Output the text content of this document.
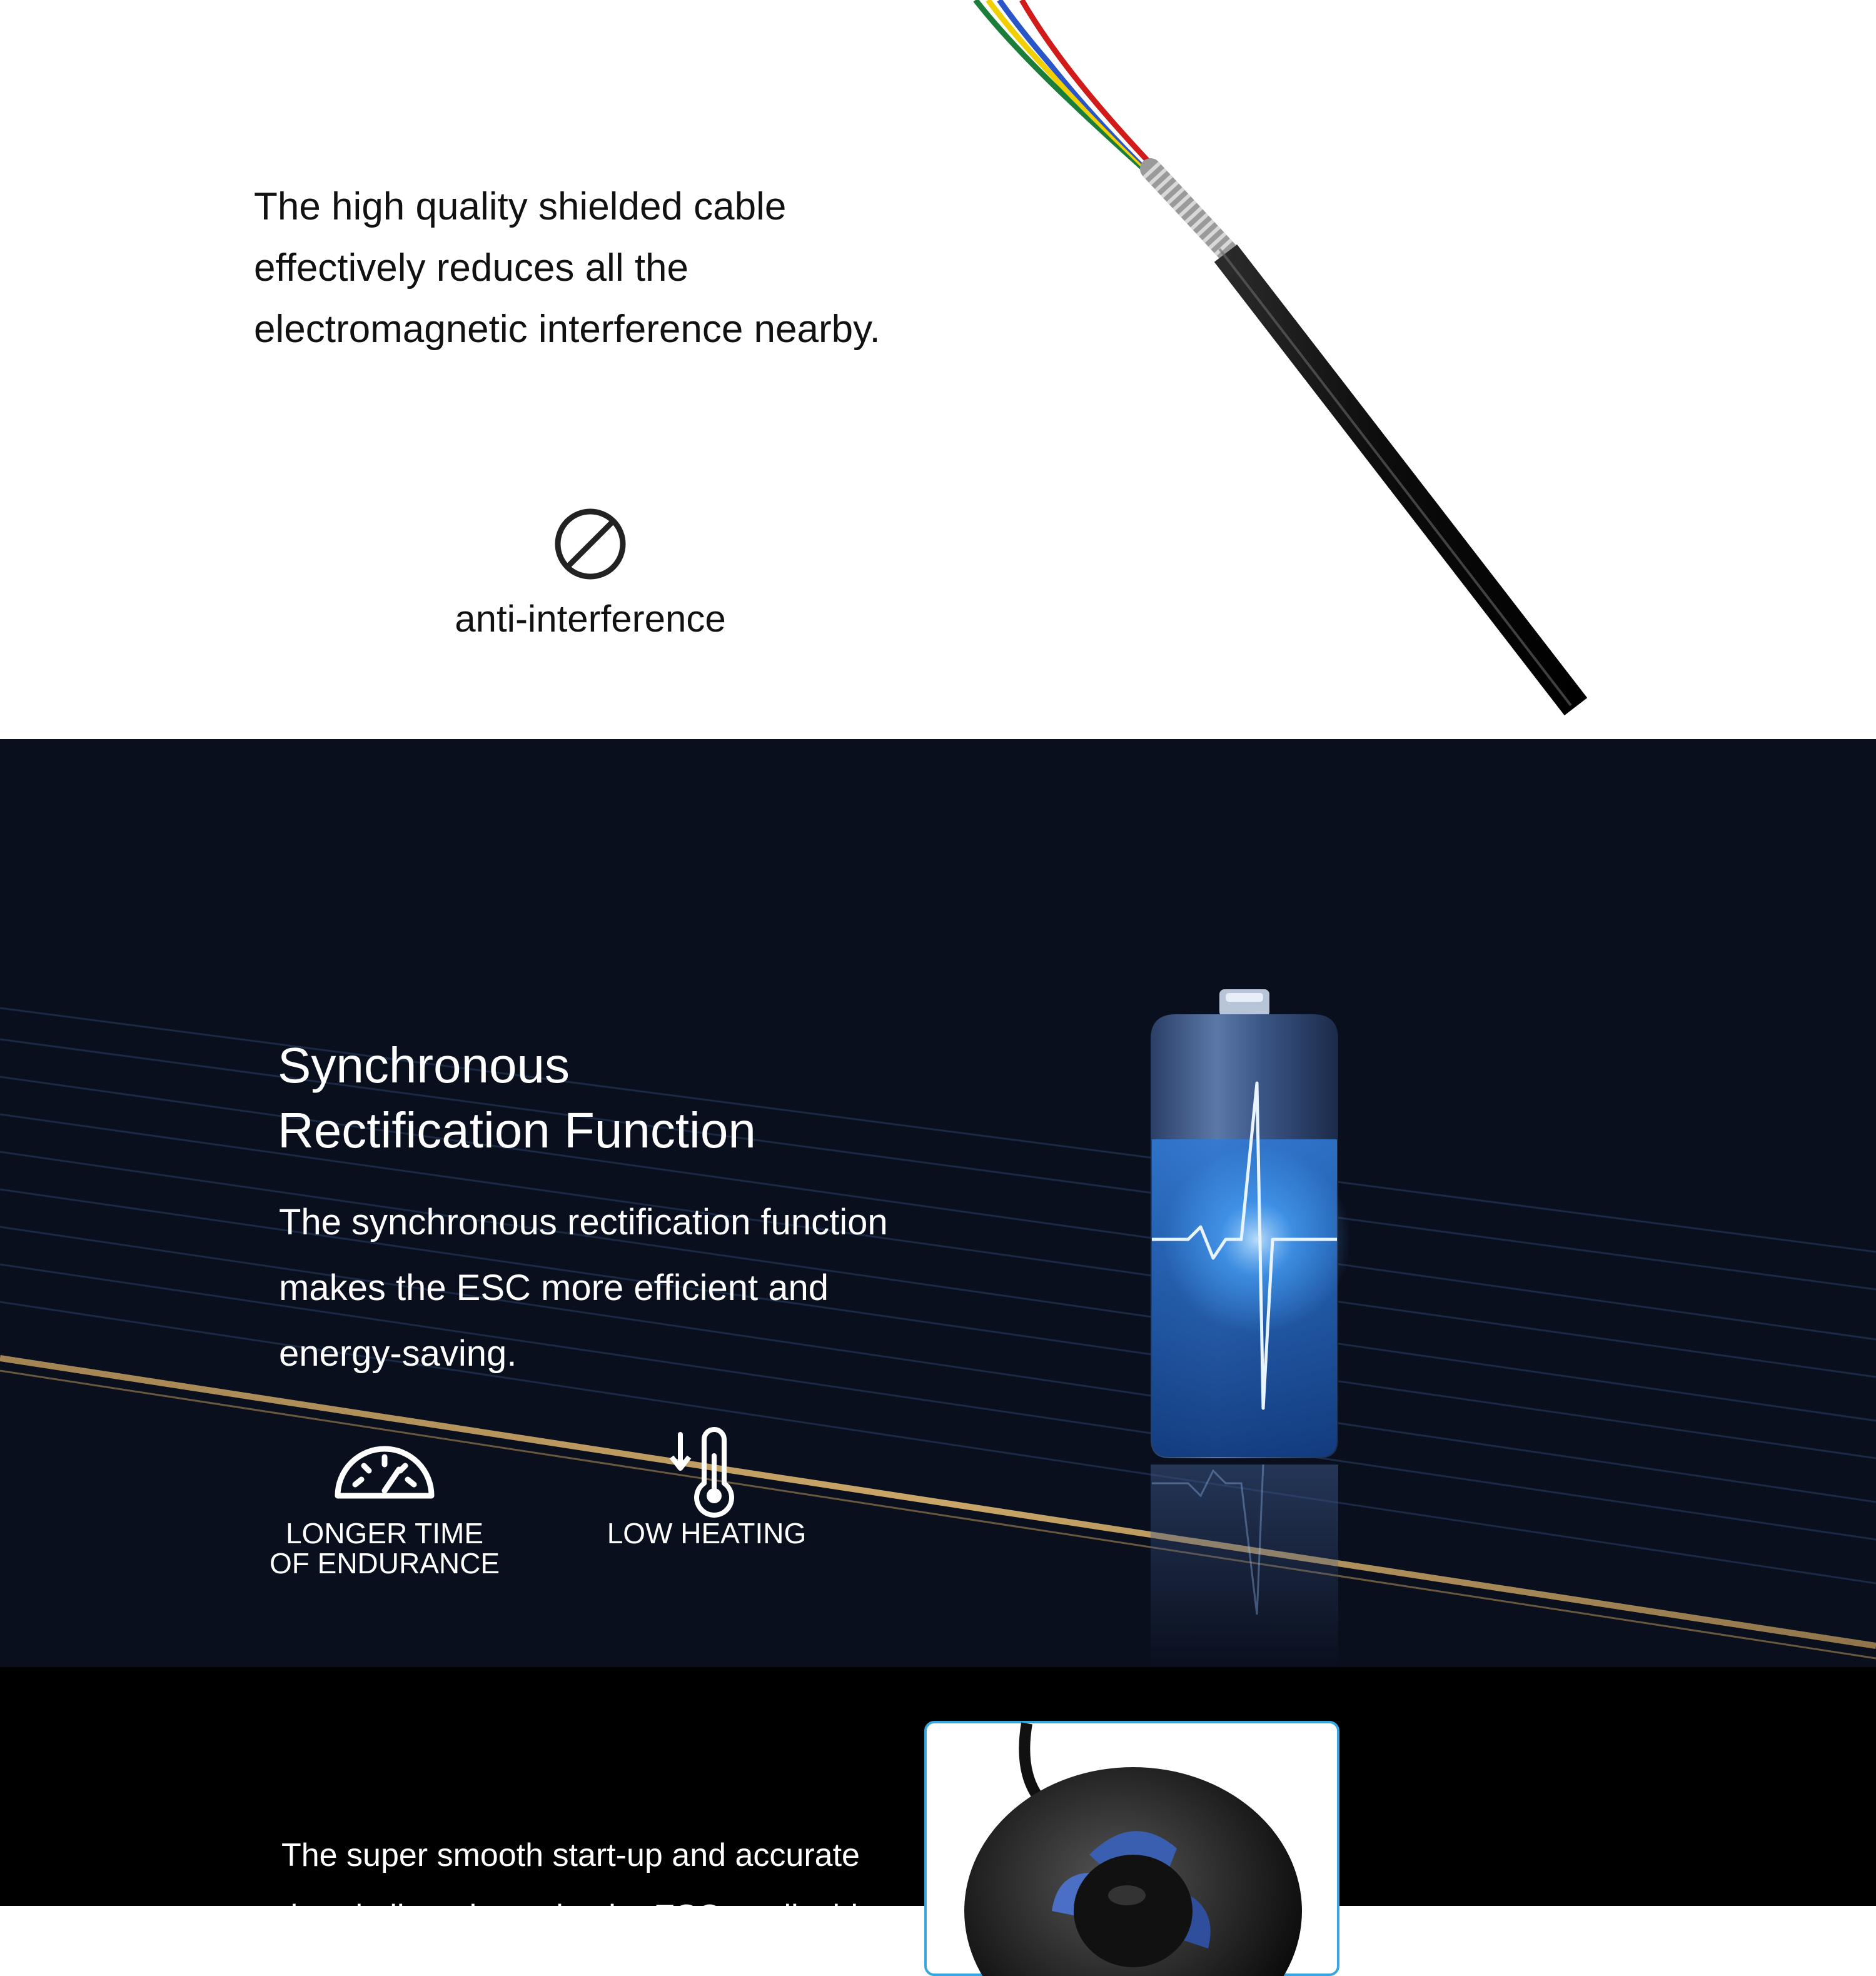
The high quality shielded cable
effectively reduces all the
electromagnetic interference nearby.

anti-interference
Synchronous
Rectification Function

The synchronous rectification function
makes the ESC more efficient and
energy-saving.

LONGER TIME
OF ENDURANCE
LOW HEATING

The super smooth start-up and accurate
throttle linearity make the ESC applicable
